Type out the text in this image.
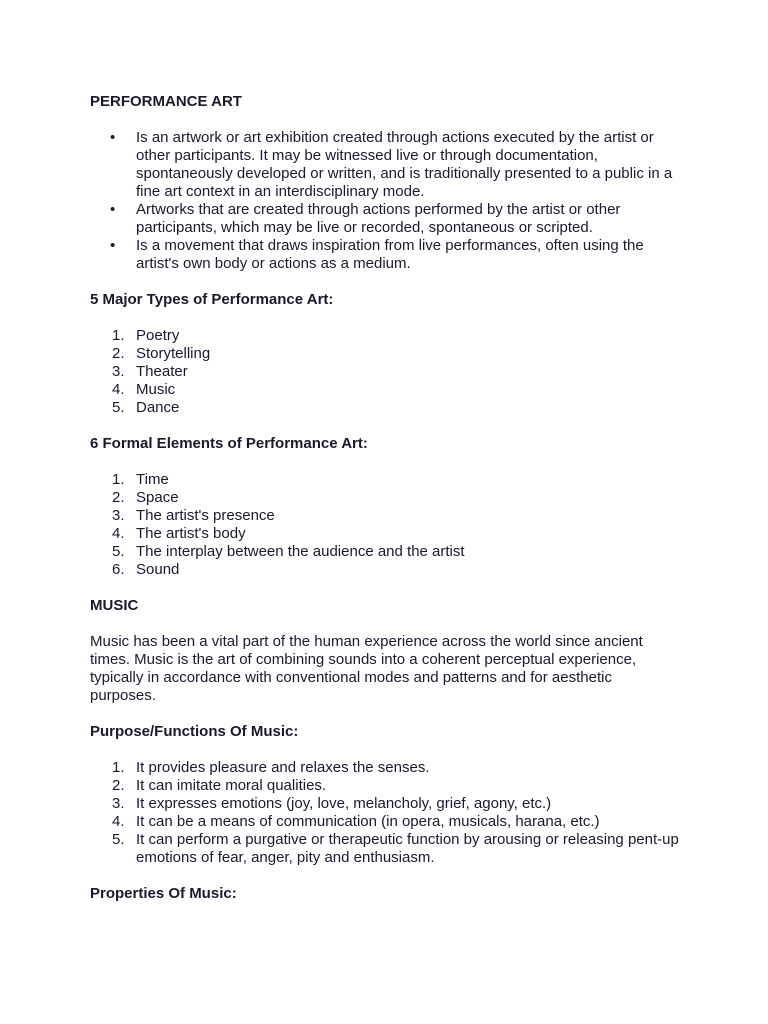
PERFORMANCE ART

• Is an artwork or art exhibition created through actions executed by the artist or other participants. It may be witnessed live or through documentation, spontaneously developed or written, and is traditionally presented to a public in a fine art context in an interdisciplinary mode.
• Artworks that are created through actions performed by the artist or other participants, which may be live or recorded, spontaneous or scripted.
• Is a movement that draws inspiration from live performances, often using the artist's own body or actions as a medium.

5 Major Types of Performance Art:

1. Poetry
2. Storytelling
3. Theater
4. Music
5. Dance

6 Formal Elements of Performance Art:

1. Time
2. Space
3. The artist's presence
4. The artist's body
5. The interplay between the audience and the artist
6. Sound

MUSIC

Music has been a vital part of the human experience across the world since ancient times. Music is the art of combining sounds into a coherent perceptual experience, typically in accordance with conventional modes and patterns and for aesthetic purposes.

Purpose/Functions Of Music:

1. It provides pleasure and relaxes the senses.
2. It can imitate moral qualities.
3. It expresses emotions (joy, love, melancholy, grief, agony, etc.)
4. It can be a means of communication (in opera, musicals, harana, etc.)
5. It can perform a purgative or therapeutic function by arousing or releasing pent-up emotions of fear, anger, pity and enthusiasm.

Properties Of Music:
